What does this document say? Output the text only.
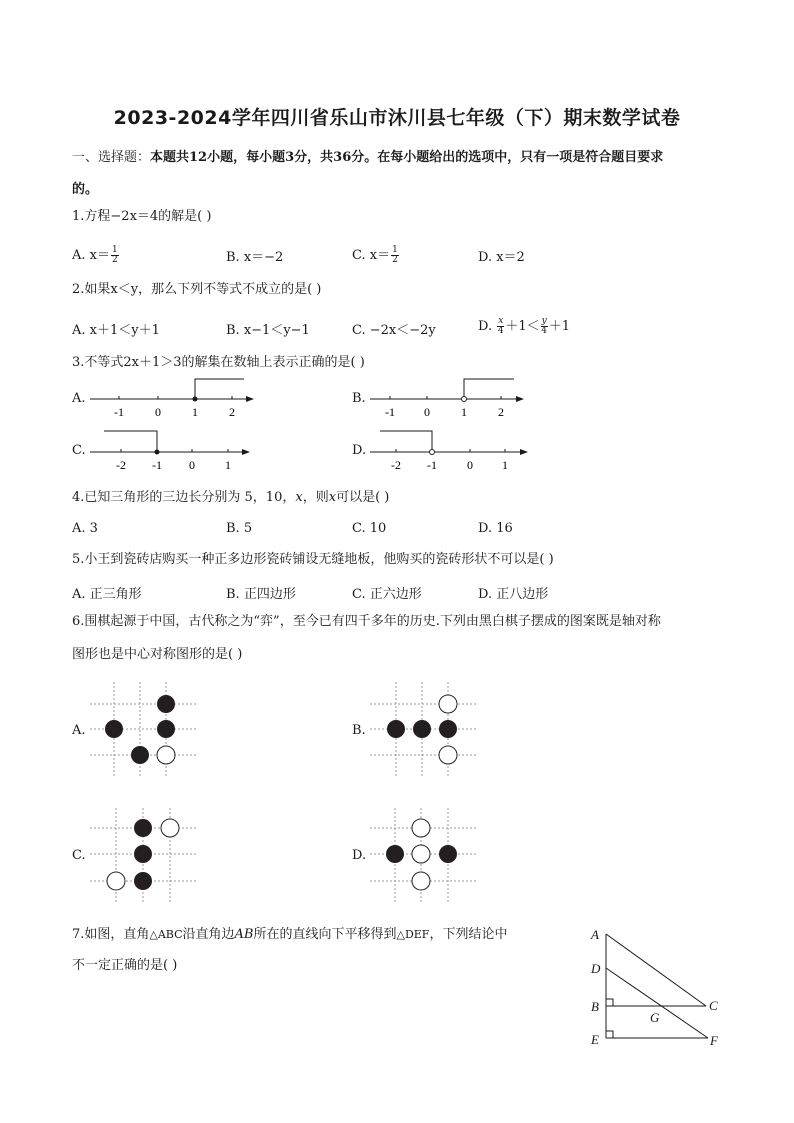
2023-2024学年四川省乐山市沐川县七年级（下）期末数学试卷
一、选择题：本题共12小题，每小题3分，共36分。在每小题给出的选项中，只有一项是符合题目要求
的。
1.方程−2x＝4的解是( )
A. $x= \frac{1}{2}$	B. x＝−2	C. $x= \frac{1}{2}$	D. x＝2
2.如果x＜y，那么下列不等式不成立的是( )
A. x＋1＜y＋1	B. x−1＜y−1	C. −2x＜−2y	D. $\frac{x}{4} +1< \frac{y}{4} +1$
3.不等式2x＋1＞3的解集在数轴上表示正确的是( )
A.
-1	0	1	2
B.
-1 0	1	2
C.
-2 -1 0	1
D.
-2 -1	0 1
4.已知三角形的三边长分别为 5，10，x，则x可以是( )
A. 3	B. 5	C. 10	D. 16
5.小王到瓷砖店购买一种正多边形瓷砖铺设无缝地板，他购买的瓷砖形状不可以是( )
A. 正三角形	B. 正四边形	C. 正六边形	D. 正八边形
6.围棋起源于中国，古代称之为“弈”，至今已有四千多年的历史.下列由黑白棋子摆成的图案既是轴对称
图形也是中心对称图形的是( )
A.	B.
C.	D.
7.如图，直角△ABC沿直角边AB所在的直线向下平移得到△DEF，下列结论中
不一定正确的是( )
A
D
B	C
G
E	F
